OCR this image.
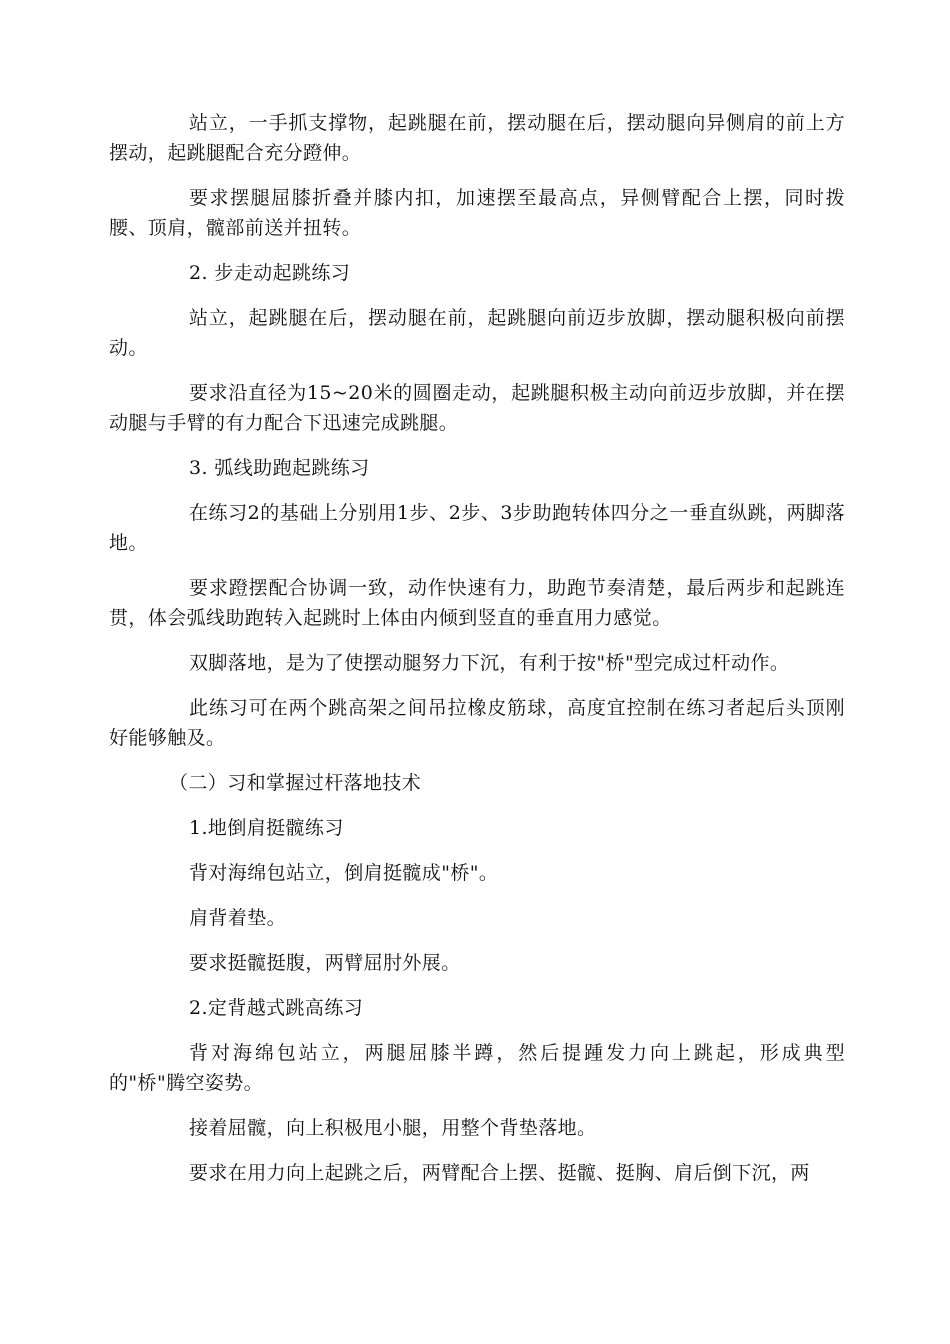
站立，一手抓支撑物，起跳腿在前，摆动腿在后，摆动腿向异侧肩的前上方摆动，起跳腿配合充分蹬伸。

要求摆腿屈膝折叠并膝内扣，加速摆至最高点，异侧臂配合上摆，同时拨腰、顶肩，髋部前送并扭转。

2. 步走动起跳练习

站立，起跳腿在后，摆动腿在前，起跳腿向前迈步放脚，摆动腿积极向前摆动。

要求沿直径为15~20米的圆圈走动，起跳腿积极主动向前迈步放脚，并在摆动腿与手臂的有力配合下迅速完成跳腿。

3. 弧线助跑起跳练习

在练习2的基础上分别用1步、2步、3步助跑转体四分之一垂直纵跳，两脚落地。

要求蹬摆配合协调一致，动作快速有力，助跑节奏清楚，最后两步和起跳连贯，体会弧线助跑转入起跳时上体由内倾到竖直的垂直用力感觉。

双脚落地，是为了使摆动腿努力下沉，有利于按"桥"型完成过杆动作。

此练习可在两个跳高架之间吊拉橡皮筋球，高度宜控制在练习者起后头顶刚好能够触及。

（二）习和掌握过杆落地技术

1.地倒肩挺髋练习

背对海绵包站立，倒肩挺髋成"桥"。

肩背着垫。

要求挺髋挺腹，两臂屈肘外展。

2.定背越式跳高练习

背对海绵包站立，两腿屈膝半蹲，然后提踵发力向上跳起，形成典型的"桥"腾空姿势。

接着屈髋，向上积极甩小腿，用整个背垫落地。

要求在用力向上起跳之后，两臂配合上摆、挺髋、挺胸、肩后倒下沉，两
